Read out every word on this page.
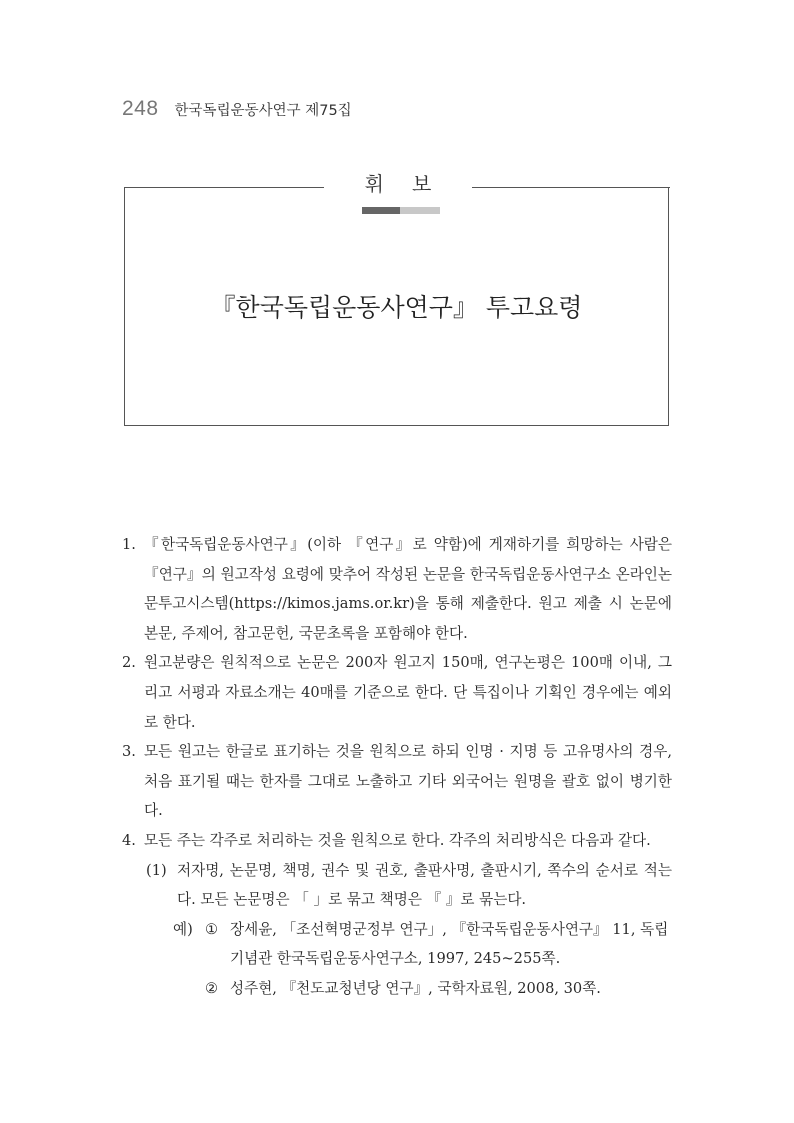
248 한국독립운동사연구 제75집
휘보
『한국독립운동사연구』 투고요령
1. 『한국독립운동사연구』(이하 『연구』로 약함)에 게재하기를 희망하는 사람은『연구』의 원고작성 요령에 맞추어 작성된 논문을 한국독립운동사연구소 온라인논문투고시스템(https://kimos.jams.or.kr)을 통해 제출한다. 원고 제출 시 논문에 본문, 주제어, 참고문헌, 국문초록을 포함해야 한다.
2. 원고분량은 원칙적으로 논문은 200자 원고지 150매, 연구논평은 100매 이내, 그리고 서평과 자료소개는 40매를 기준으로 한다. 단 특집이나 기획인 경우에는 예외로 한다.
3. 모든 원고는 한글로 표기하는 것을 원칙으로 하되 인명 · 지명 등 고유명사의 경우, 처음 표기될 때는 한자를 그대로 노출하고 기타 외국어는 원명을 괄호 없이 병기한다.
4. 모든 주는 각주로 처리하는 것을 원칙으로 한다. 각주의 처리방식은 다음과 같다.
(1) 저자명, 논문명, 책명, 권수 및 권호, 출판사명, 출판시기, 쪽수의 순서로 적는다. 모든 논문명은 「 」로 묶고 책명은 『 』로 묶는다.
예) ① 장세윤, 「조선혁명군정부 연구」, 『한국독립운동사연구』 11, 독립기념관 한국독립운동사연구소, 1997, 245~255쪽.
② 성주현, 『천도교청년당 연구』, 국학자료원, 2008, 30쪽.
